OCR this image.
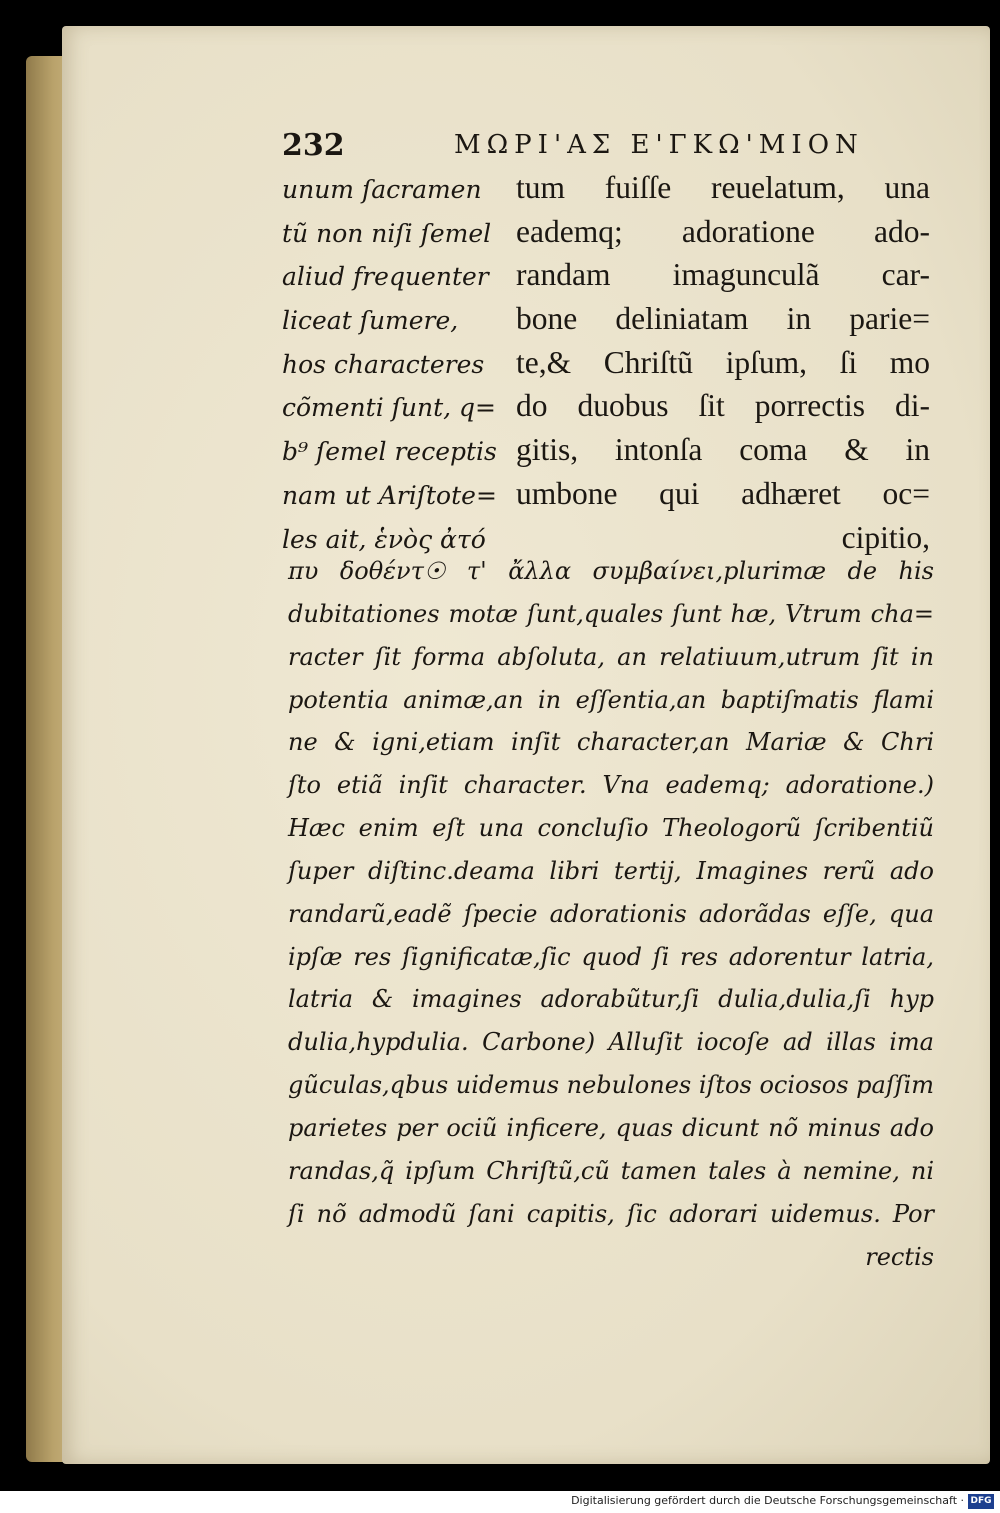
232	ΜΩΡΙ'ΑΣ Ε'ΓΚΩ'ΜΙΟΝ
unum ſacramen
tũ non niſi ſemel
aliud frequenter
liceat ſumere,
hos characteres
cõmenti ſunt, q=
b⁹ ſemel receptis
nam ut Ariſtote=
les ait, ἑνὸς ἀτό
tum fuiſſe reuelatum, una
eademq; adoratione ado-
randam imagunculã car-
bone deliniatam in parie=
te,& Chriſtũ ipſum, ſi mo
do duobus ſit porrectis di-
gitis, intonſa coma & in
umbone qui adhæret oc=
cipitio,
πυ δοθέντ☉ τ' ἄλλα συμβαίνει,plurimæ de his
dubitationes motæ ſunt,quales ſunt hæ, Vtrum cha=
racter ſit forma abſoluta, an relatiuum,utrum ſit in
potentia animæ,an in eſſentia,an baptiſmatis flami
ne & igni,etiam inſit character,an Mariæ & Chri
ſto etiã inſit character. Vna eademq; adoratione.)
Hæc enim eſt una concluſio Theologorũ ſcribentiũ
ſuper diſtinc.deama libri tertij, Imagines rerũ ado
randarũ,eadẽ ſpecie adorationis adorãdas eſſe, qua
ipſæ res ſignificatæ,ſic quod ſi res adorentur latria,
latria & imagines adorabũtur,ſi dulia,dulia,ſi hyp
dulia,hypdulia. Carbone) Alluſit iocoſe ad illas ima
gũculas,qbus uidemus nebulones iſtos ociosos paſſim
parietes per ociũ inficere, quas dicunt nõ minus ado
randas,q̃ ipſum Chriſtũ,cũ tamen tales à nemine, ni
ſi nõ admodũ ſani capitis, ſic adorari uidemus. Por
rectis
Digitalisierung gefördert durch die Deutsche Forschungsgemeinschaft · DFG
